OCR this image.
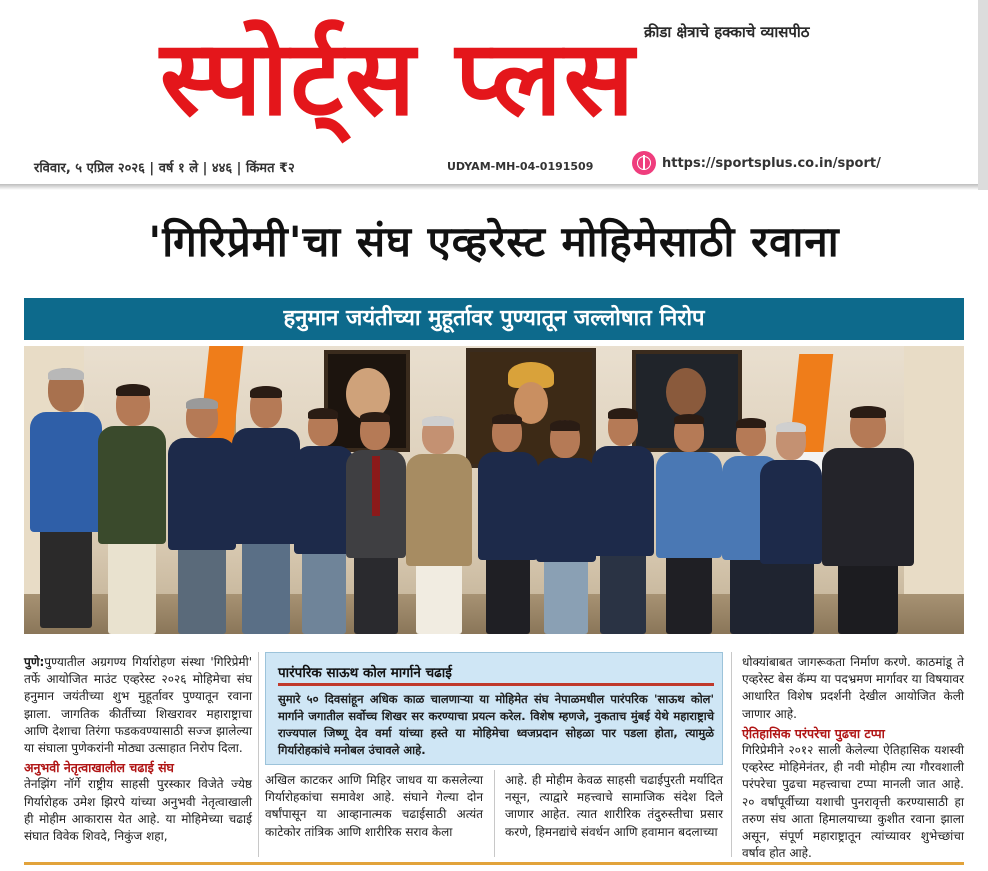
क्रीडा क्षेत्राचे हक्काचे व्यासपीठ
स्पोर्ट्स प्लस
रविवार, ५ एप्रिल २०२६ | वर्ष १ ले | ४४६ | किंमत ₹२	UDYAM-MH-04-0191509	https://sportsplus.co.in/sport/
'गिरिप्रेमी'चा संघ एव्हरेस्ट मोहिमेसाठी रवाना
हनुमान जयंतीच्या मुहूर्तावर पुण्यातून जल्लोषात निरोप

पुणे:पुण्यातील अग्रगण्य गिर्यारोहण संस्था 'गिरिप्रेमी' तर्फे आयोजित माउंट एव्हरेस्ट २०२६ मोहिमेचा संघ हनुमान जयंतीच्या शुभ मुहूर्तावर पुण्यातून रवाना झाला. जागतिक कीर्तीच्या शिखरावर महाराष्ट्राचा आणि देशाचा तिरंगा फडकवण्यासाठी सज्ज झालेल्या या संघाला पुणेकरांनी मोठ्या उत्साहात निरोप दिला.

अनुभवी नेतृत्वाखालील चढाई संघ

तेनझिंग नॉर्गे राष्ट्रीय साहसी पुरस्कार विजेते ज्येष्ठ गिर्यारोहक उमेश झिरपे यांच्या अनुभवी नेतृत्वाखाली ही मोहीम आकारास येत आहे. या मोहिमेच्या चढाई संघात विवेक शिवदे, निकुंज शहा,

पारंपरिक साऊथ कोल मार्गाने चढाई
सुमारे ५० दिवसांहून अधिक काळ चालणाऱ्या या मोहिमेत संघ नेपाळमधील पारंपरिक 'साऊथ कोल' मार्गाने जगातील सर्वोच्च शिखर सर करण्याचा प्रयत्न करेल. विशेष म्हणजे, नुकताच मुंबई येथे महाराष्ट्राचे राज्यपाल जिष्णू देव वर्मा यांच्या हस्ते या मोहिमेचा ध्वजप्रदान सोहळा पार पडला होता, त्यामुळे गिर्यारोहकांचे मनोबल उंचावले आहे.

अखिल काटकर आणि मिहिर जाधव या कसलेल्या गिर्यारोहकांचा समावेश आहे. संघाने गेल्या दोन वर्षांपासून या आव्हानात्मक चढाईसाठी अत्यंत काटेकोर तांत्रिक आणि शारीरिक सराव केला

आहे. ही मोहीम केवळ साहसी चढाईपुरती मर्यादित नसून, त्याद्वारे महत्त्वाचे सामाजिक संदेश दिले जाणार आहेत. त्यात शारीरिक तंदुरुस्तीचा प्रसार करणे, हिमनद्यांचे संवर्धन आणि हवामान बदलाच्या

धोक्यांबाबत जागरूकता निर्माण करणे. काठमांडू ते एव्हरेस्ट बेस कॅम्प या पदभ्रमण मार्गावर या विषयावर आधारित विशेष प्रदर्शनी देखील आयोजित केली जाणार आहे.

ऐतिहासिक परंपरेचा पुढचा टप्पा

गिरिप्रेमीने २०१२ साली केलेल्या ऐतिहासिक यशस्वी एव्हरेस्ट मोहिमेनंतर, ही नवी मोहीम त्या गौरवशाली परंपरेचा पुढचा महत्त्वाचा टप्पा मानली जात आहे. २० वर्षांपूर्वीच्या यशाची पुनरावृत्ती करण्यासाठी हा तरुण संघ आता हिमालयाच्या कुशीत रवाना झाला असून, संपूर्ण महाराष्ट्रातून त्यांच्यावर शुभेच्छांचा वर्षाव होत आहे.
